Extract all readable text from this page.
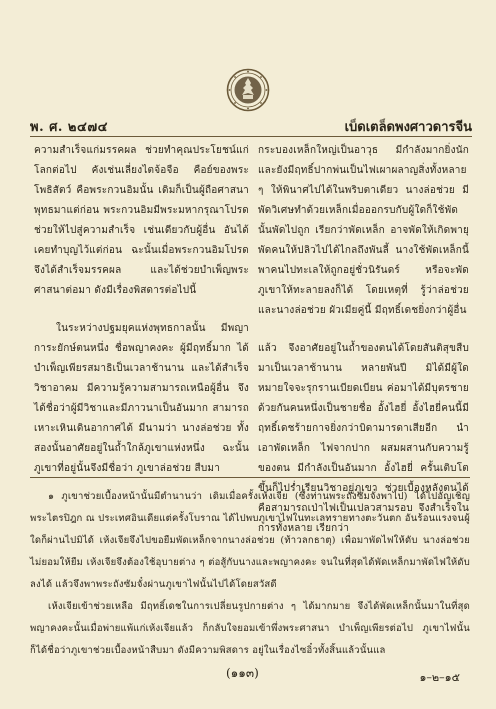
พ. ศ. ๒๔๗๔	เบ็ดเตล็ดพงศาวดารจีน

ความสำเร็จแก่มรรคผล ช่วยทำคุณประโยชน์แก่โลกต่อไป คังเช่นเลี่ยงไตจ้อจือ คือย์ของพระโพธิสัตว์ คือพระกวนอิมนั้น เดิมก็เป็นผู้ถือศาสนาพุทธมาแต่ก่อน พระกวนอิมมีพระมหากรุณาโปรดช่วยให้ไปสู่ความสำเร็จ เช่นเดียวกับผู้อื่น อันได้เคยทำบุญไว้แต่ก่อน ฉะนั้นเมื่อพระกวนอิมโปรด จึงได้สำเร็จมรรคผล และได้ช่วยบำเพ็ญพระศาสนาต่อมา ดังมีเรื่องพิสดารต่อไปนี้

ในระหว่างปฐมยุคแห่งพุทธกาลนั้น มีพญาการะยักษ์ตนหนึ่ง ชื่อพญาคงคะ ผู้มีฤทธิ์มาก ได้บำเพ็ญเพียรสมาธิเป็นเวลาช้านาน และได้สำเร็จวิชาอาคม มีความรู้ความสามารถเหนือผู้อื่น จึงได้ชื่อว่าผู้มีวิชาและมีภาวนาเป็นอันมาก สามารถเหาะเหินเดินอากาศได้ มีนามว่า นางล่อช่วย ทั้งสองนั้นอาศัยอยู่ในถ้ำใกล้ภูเขาแห่งหนึ่ง ฉะนั้นภูเขาที่อยู่นั้นจึงมีชื่อว่า ภูเขาล่อช่วย สืบมา

กระบองเหล็กใหญ่เป็นอาวุธ มีกำลังมากยิ่งนัก และยังมีฤทธิ์ปากพ่นเป็นไฟเผาผลาญสิ่งทั้งหลาย ๆ ให้พินาศไปได้ในพริบตาเดียว นางล่อช่วย มีพัดวิเศษทำด้วยเหล็กเมื่อออกรบกับผู้ใดก็ใช้พัดนั้นพัดไปถูก เรียกว่าพัดเหล็ก อาจพัดให้เกิดพายุพัดคนให้ปลิวไปได้ไกลถึงพันลี้ นางใช้พัดเหล็กนี้ พาคนไปทะเลให้ถูกอยู่ชั่วนิรันดร์ หรือจะพัดภูเขาให้ทะลายลงก็ได้ โดยเหตุที่ รู้ว่าล่อช่วยและนางล่อช่วย ผัวเมียคู่นี้ มีฤทธิ์เดชยิ่งกว่าผู้อื่น

แล้ว จึงอาศัยอยู่ในถ้ำของตนได้โดยสันติสุขสืบมาเป็นเวลาช้านาน หลายพันปี มิได้มีผู้ใดหมายใจจะรุกรานเบียดเบียน ค่อมาได้มีบุตรชายด้วยกันคนหนึ่งเป็นชายชื่อ อั้งไฮยี่ อั้งไฮยี่คนนี้มีฤทธิ์เดชร้ายกาจยิ่งกว่าบิดามารดาเสียอีก นำเอาพัดเหล็ก ไฟจากปาก ผสมผสานกับความรู้ของตน มีกำลังเป็นอันมาก อั้งไฮยี่ ครั้นเติบโตขึ้นก็ไปร่ำเรียนวิชาอยู่ภูเขา ช่วยเบื้องหลังตนได้ คือสามารถเป่าไฟเป็นเปลวสามรอบ จึงสำเร็จในการทั้งหลาย เรียกว่า

๑ ภูเขาช่วยเบื้องหน้านั้นมีตำนานว่า เดิมเมื่อครั้งเห้งเจีย (ซึ่งท่านพระถังซัมจั๋งพาไป) ได้ไปอัญเชิญพระไตรปิฎก ณ ประเทศอินเดียแต่ครั้งโบราณ ได้ไปพบภูเขาไฟในทะเลทรายทางตะวันตก อันร้อนแรงจนผู้ใดก็ผ่านไปมิได้ เห้งเจียจึงไปขอยืมพัดเหล็กจากนางล่อช่วย (ท้าวลกธาตุ) เพื่อมาพัดไฟให้ดับ นางล่อช่วยไม่ยอมให้ยืม เห้งเจียจึงต้องใช้อุบายต่าง ๆ ต่อสู้กับนางและพญาคงคะ จนในที่สุดได้พัดเหล็กมาพัดไฟให้ดับลงได้ แล้วจึงพาพระถังซัมจั๋งผ่านภูเขาไฟนั้นไปได้โดยสวัสดี

เห้งเจียเข้าช่วยเหลือ มีฤทธิ์เดชในการเปลี่ยนรูปกายต่าง ๆ ได้มากมาย จึงได้พัดเหล็กนั้นมาในที่สุด พญาคงคะนั้นเมื่อพ่ายแพ้แก่เห้งเจียแล้ว ก็กลับใจยอมเข้าพึ่งพระศาสนา บำเพ็ญเพียรต่อไป ภูเขาไฟนั้น ก็ได้ชื่อว่าภูเขาช่วยเบื้องหน้าสืบมา ดังมีความพิสดาร อยู่ในเรื่องไซอิ๋วทั้งสิ้นแล้วนั้นแล

(๑๑๓)	๑–๒–๑๕
